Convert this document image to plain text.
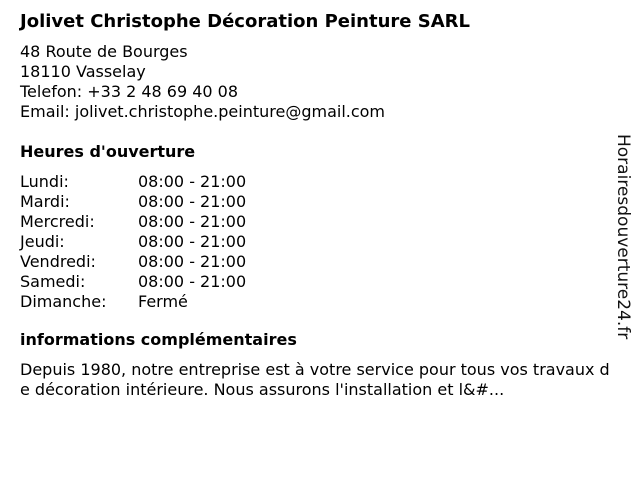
Jolivet Christophe Décoration Peinture SARL
48 Route de Bourges
18110 Vasselay
Telefon: +33 2 48 69 40 08
Email: jolivet.christophe.peinture@gmail.com
Heures d'ouverture
Lundi:	08:00 - 21:00
Mardi:	08:00 - 21:00
Mercredi:	08:00 - 21:00
Jeudi:	08:00 - 21:00
Vendredi:	08:00 - 21:00
Samedi:	08:00 - 21:00
Dimanche:	Fermé
informations complémentaires
Depuis 1980, notre entreprise est à votre service pour tous vos travaux de décoration intérieure. Nous assurons l'installation et l&#...
Horairesdouverture24.fr
